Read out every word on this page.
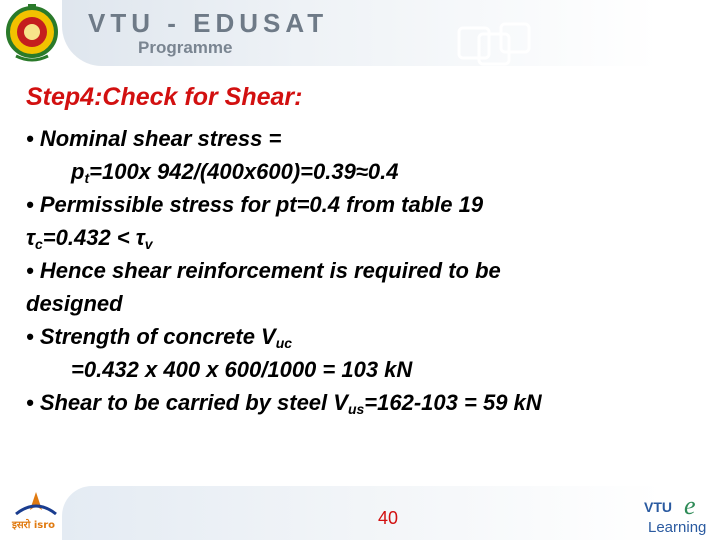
VTU - EDUSAT
Programme
Step4:Check for Shear:
• Nominal shear stress =
$p_t=100x$ 942/(400x600)=0.39≈0.4
• Permissible stress for pt=0.4 from table 19
$\tau_c=0.432 < \tau_v$
• Hence shear reinforcement is required to be
designed
• Strength of concrete $V_{uc}$
=0.432 x 400 x 600/1000 = 103 kN
• Shear to be carried by steel $V_{us}=162-103 = 59$ kN
इसरो isro	40
VTU e
Learning
